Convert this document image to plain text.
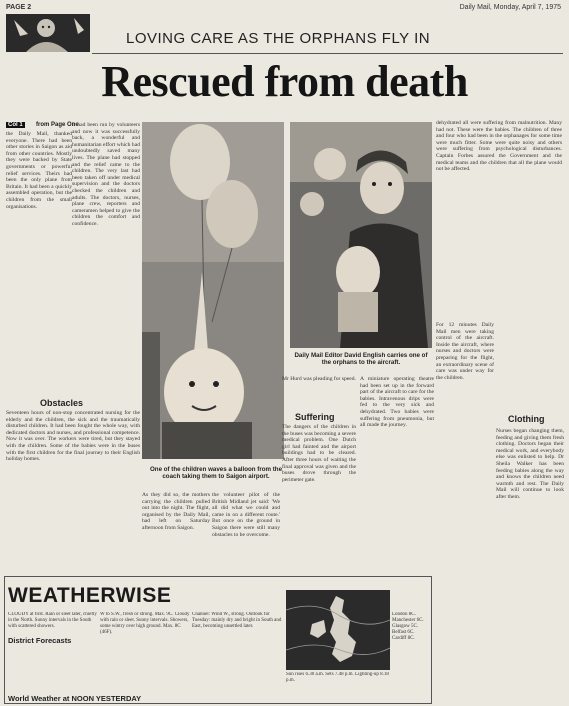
PAGE 2	Daily Mail, Monday, April 7, 1975
LOVING CARE AS THE ORPHANS FLY IN
Rescued from death
Col 1	from Page One
the Daily Mail, thanked everyone. There had been other stories in Saigon as aid from other countries. Mostly they were backed by State governments or powerful relief services. Theirs had been the only plane from Britain. It had been a quickly assembled operation, but the children from the small organisations.
It had been run by volunteers and now it was successfully back, a wonderful and humanitarian effort which had undoubtedly saved many lives. The plane had stopped and the relief came to the children. The very last had been taken off under medical supervision and the doctors checked the children and adults. The doctors, nurses, plane crew, reporters and cameramen helped to give the children the comfort and confidence.
Daily Mail Editor David English carries one of the orphans to the aircraft.
Obstacles
Seventeen hours of non-stop concentrated nursing for the elderly and the children, the sick and the traumatically disturbed children. It had been fought the whole way, with dedicated doctors and nurses, and professional competence. Now it was over. The workers were tired, but they stayed with the children. Some of the babies were in the buses with the first children for the final journey to their English holiday homes.
One of the children waves a balloon from the coach taking them to Saigon airport.
As they did so, the mothers carrying the children pulled out into the night. The flight, organised by the Daily Mail, had left on Saturday afternoon from Saigon.
the volunteer pilot of the British Midland jet said: 'We all did what we could and came in on a different route.' But once on the ground in Saigon there were still many obstacles to be overcome.
Mr Hurd was pleading for speed.
Suffering
The dangers of the children in the buses was becoming a severe medical problem. One Dutch girl had fainted and the airport buildings had to be cleared. After three hours of waiting the final approval was given and the buses drove through the perimeter gate.
A miniature operating theatre had been set up in the forward part of the aircraft to care for the babies. Intravenous drips were fed to the very sick and dehydrated. Two babies were suffering from pneumonia, but all made the journey.
dehydrated all were suffering from malnutrition. Many had not. These were the babies. The children of three and four who had been in the orphanages for some time were much fitter. Some were quite noisy and others were suffering from psychological disturbances. Captain Forbes assured the Government and the medical teams and the children that all the plane would not be affected.
For 12 minutes Daily Mail men were taking control of the aircraft. Inside the aircraft, where nurses and doctors were preparing for the flight, an extraordinary scene of care was under way for the children.
Clothing
Nurses began changing them, feeding and giving them fresh clothing. Doctors began their medical work, and everybody else was enlisted to help. Dr Sheila Walker has been feeding babies along the way and knows the children need warmth and rest. The Daily Mail will continue to look after them.
WEATHERWISE
CLOUDY at first. Rain or sleet later, chiefly in the North. Sunny intervals in the South with scattered showers.
District Forecasts
W to S.W., fresh or strong. Max. 9C. Cloudy with rain or sleet. Sunny intervals. Showers, some wintry over high ground. Max. 8C (46F).
Channel: Wind W., strong. Outlook for Tuesday: mainly dry and bright in South and East, becoming unsettled later.
Sun rises 6.30 a.m. Sets 7.48 p.m. Lighting-up 8.18 p.m.
London 8C. Manchester 6C. Glasgow 5C. Belfast 6C. Cardiff 8C.
World Weather at NOON YESTERDAY
